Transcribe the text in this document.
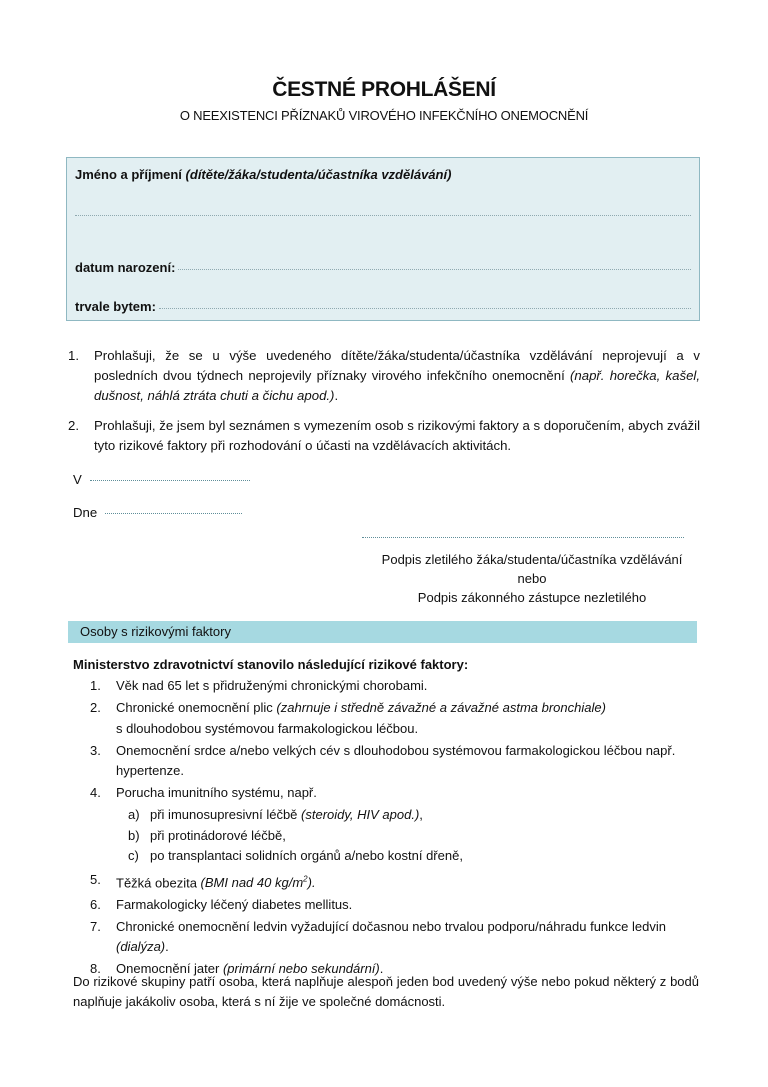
ČESTNÉ PROHLÁŠENÍ
O NEEXISTENCI PŘÍZNAKŮ VIROVÉHO INFEKČNÍHO ONEMOCNĚNÍ
Jméno a příjmení (dítěte/žáka/studenta/účastníka vzdělávání)
datum narození:
trvale bytem:
1.	Prohlašuji, že se u výše uvedeného dítěte/žáka/studenta/účastníka vzdělávání neprojevují a v posledních dvou týdnech neprojevily příznaky virového infekčního onemocnění (např. horečka, kašel, dušnost, náhlá ztráta chuti a čichu apod.).
2.	Prohlašuji, že jsem byl seznámen s vymezením osob s rizikovými faktory a s doporučením, abych zvážil tyto rizikové faktory při rozhodování o účasti na vzdělávacích aktivitách.
V
Dne
Podpis zletilého žáka/studenta/účastníka vzdělávání
nebo
Podpis zákonného zástupce nezletilého
Osoby s rizikovými faktory
Ministerstvo zdravotnictví stanovilo následující rizikové faktory:
1.	Věk nad 65 let s přidruženými chronickými chorobami.
2.	Chronické onemocnění plic (zahrnuje i středně závažné a závažné astma bronchiale)
s dlouhodobou systémovou farmakologickou léčbou.
3.	Onemocnění srdce a/nebo velkých cév s dlouhodobou systémovou farmakologickou léčbou např. hypertenze.
4.	Porucha imunitního systému, např.
a) při imunosupresivní léčbě (steroidy, HIV apod.),
b) při protinádorové léčbě,
c) po transplantaci solidních orgánů a/nebo kostní dřeně,
5.	Těžká obezita (BMI nad 40 $kg/m^2$).
6.	Farmakologicky léčený diabetes mellitus.
7.	Chronické onemocnění ledvin vyžadující dočasnou nebo trvalou podporu/náhradu funkce ledvin (dialýza).
8.	Onemocnění jater (primární nebo sekundární).
Do rizikové skupiny patří osoba, která naplňuje alespoň jeden bod uvedený výše nebo pokud některý z bodů naplňuje jakákoliv osoba, která s ní žije ve společné domácnosti.
